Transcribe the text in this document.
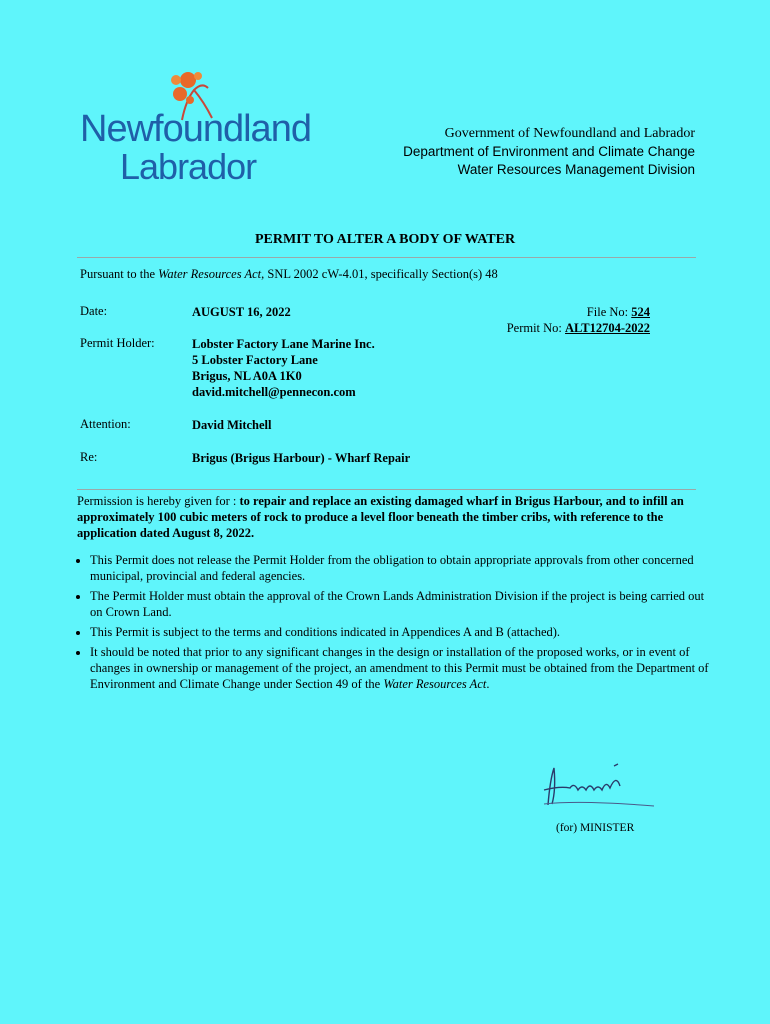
Newfoundland
Labrador
Government of Newfoundland and Labrador
Department of Environment and Climate Change
Water Resources Management Division
PERMIT TO ALTER A BODY OF WATER
Pursuant to the Water Resources Act, SNL 2002 cW-4.01, specifically Section(s) 48
Date:	AUGUST 16, 2022	File No: 524
Permit No: ALT12704-2022
Permit Holder:	Lobster Factory Lane Marine Inc.
5 Lobster Factory Lane
Brigus, NL A0A 1K0
david.mitchell@pennecon.com
Attention:	David Mitchell
Re:	Brigus (Brigus Harbour) - Wharf Repair
Permission is hereby given for : to repair and replace an existing damaged wharf in Brigus Harbour, and to infill an approximately 100 cubic meters of rock to produce a level floor beneath the timber cribs, with reference to the application dated August 8, 2022.
• This Permit does not release the Permit Holder from the obligation to obtain appropriate approvals from other concerned municipal, provincial and federal agencies.
• The Permit Holder must obtain the approval of the Crown Lands Administration Division if the project is being carried out on Crown Land.
• This Permit is subject to the terms and conditions indicated in Appendices A and B (attached).
• It should be noted that prior to any significant changes in the design or installation of the proposed works, or in event of changes in ownership or management of the project, an amendment to this Permit must be obtained from the Department of Environment and Climate Change under Section 49 of the Water Resources Act.
(for) MINISTER
